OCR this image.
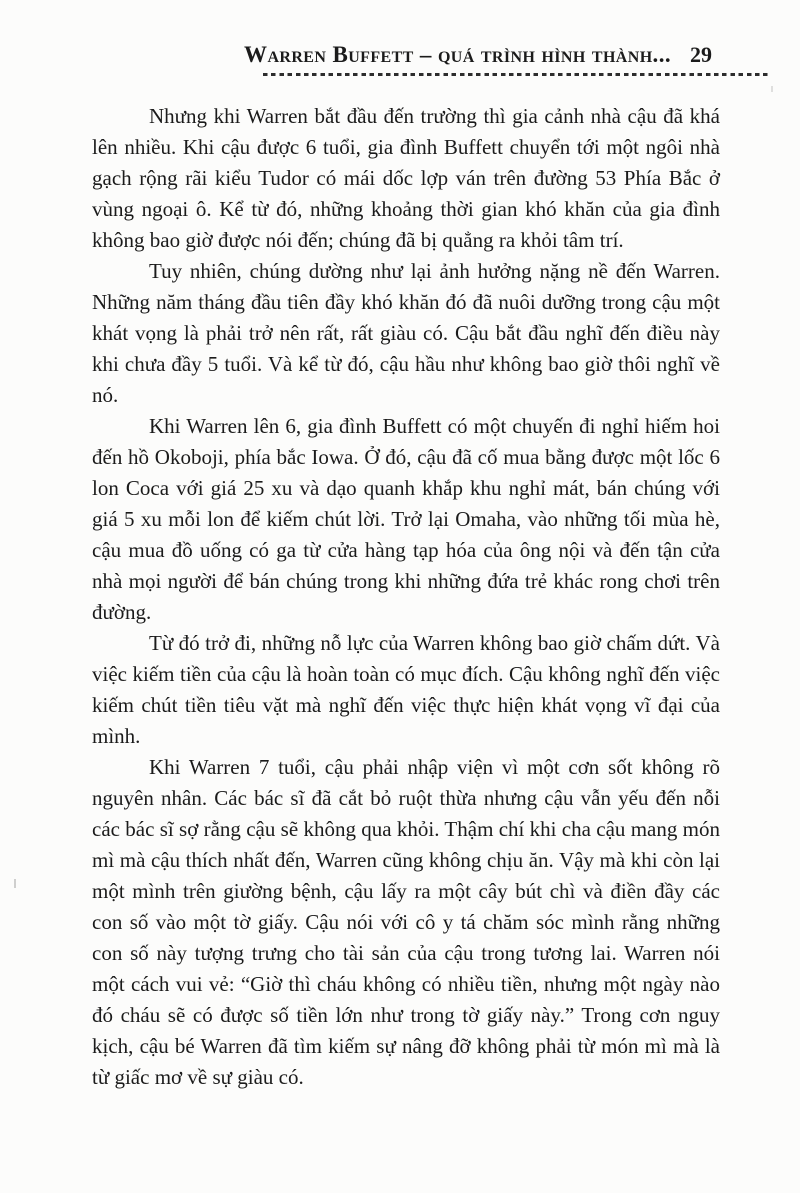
Warren Buffett – quá trình hình thành... 29

Nhưng khi Warren bắt đầu đến trường thì gia cảnh nhà cậu đã khá lên nhiều. Khi cậu được 6 tuổi, gia đình Buffett chuyển tới một ngôi nhà gạch rộng rãi kiểu Tudor có mái dốc lợp ván trên đường 53 Phía Bắc ở vùng ngoại ô. Kể từ đó, những khoảng thời gian khó khăn của gia đình không bao giờ được nói đến; chúng đã bị quẳng ra khỏi tâm trí.

Tuy nhiên, chúng dường như lại ảnh hưởng nặng nề đến Warren. Những năm tháng đầu tiên đầy khó khăn đó đã nuôi dưỡng trong cậu một khát vọng là phải trở nên rất, rất giàu có. Cậu bắt đầu nghĩ đến điều này khi chưa đầy 5 tuổi. Và kể từ đó, cậu hầu như không bao giờ thôi nghĩ về nó.

Khi Warren lên 6, gia đình Buffett có một chuyến đi nghỉ hiếm hoi đến hồ Okoboji, phía bắc Iowa. Ở đó, cậu đã cố mua bằng được một lốc 6 lon Coca với giá 25 xu và dạo quanh khắp khu nghỉ mát, bán chúng với giá 5 xu mỗi lon để kiếm chút lời. Trở lại Omaha, vào những tối mùa hè, cậu mua đồ uống có ga từ cửa hàng tạp hóa của ông nội và đến tận cửa nhà mọi người để bán chúng trong khi những đứa trẻ khác rong chơi trên đường.

Từ đó trở đi, những nỗ lực của Warren không bao giờ chấm dứt. Và việc kiếm tiền của cậu là hoàn toàn có mục đích. Cậu không nghĩ đến việc kiếm chút tiền tiêu vặt mà nghĩ đến việc thực hiện khát vọng vĩ đại của mình.

Khi Warren 7 tuổi, cậu phải nhập viện vì một cơn sốt không rõ nguyên nhân. Các bác sĩ đã cắt bỏ ruột thừa nhưng cậu vẫn yếu đến nỗi các bác sĩ sợ rằng cậu sẽ không qua khỏi. Thậm chí khi cha cậu mang món mì mà cậu thích nhất đến, Warren cũng không chịu ăn. Vậy mà khi còn lại một mình trên giường bệnh, cậu lấy ra một cây bút chì và điền đầy các con số vào một tờ giấy. Cậu nói với cô y tá chăm sóc mình rằng những con số này tượng trưng cho tài sản của cậu trong tương lai. Warren nói một cách vui vẻ: “Giờ thì cháu không có nhiều tiền, nhưng một ngày nào đó cháu sẽ có được số tiền lớn như trong tờ giấy này.” Trong cơn nguy kịch, cậu bé Warren đã tìm kiếm sự nâng đỡ không phải từ món mì mà là từ giấc mơ về sự giàu có.
